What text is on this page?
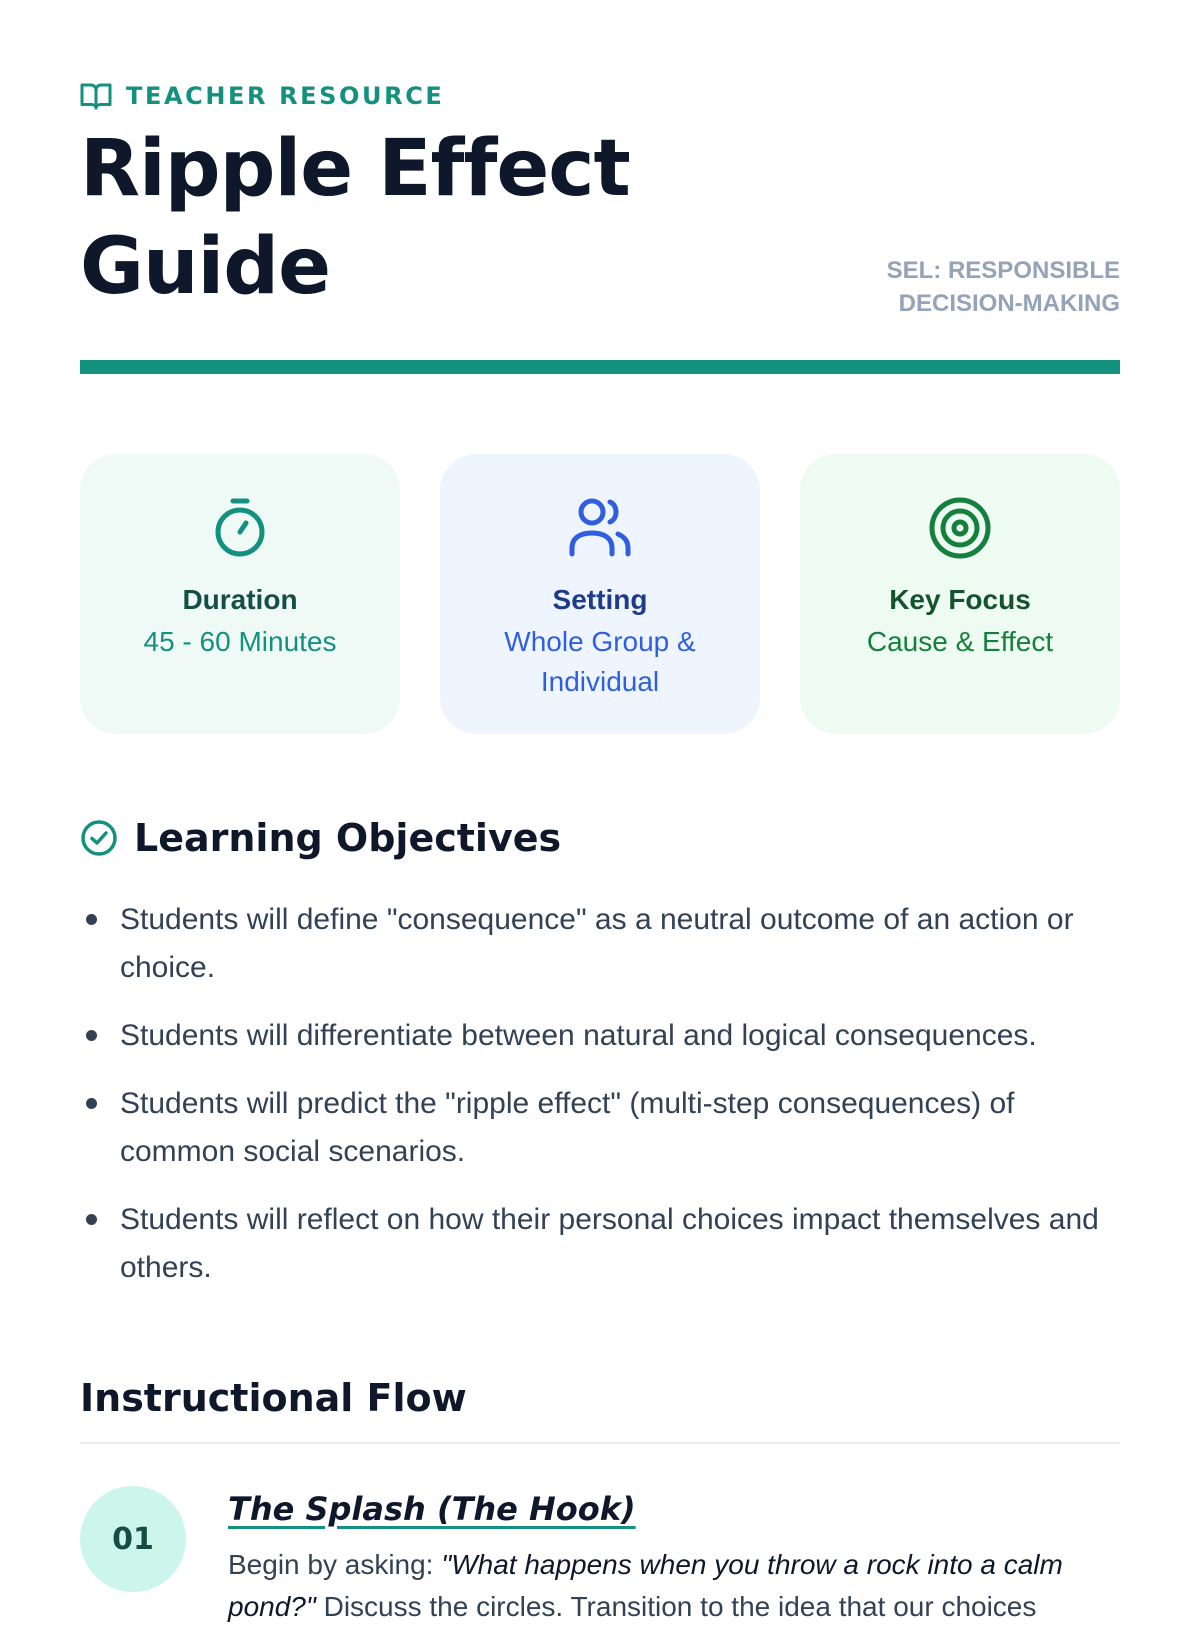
TEACHER RESOURCE
Ripple Effect Guide	SEL: RESPONSIBLE DECISION-MAKING
Duration
45 - 60 Minutes
Setting
Whole Group & Individual
Key Focus
Cause & Effect
Learning Objectives
Students will define "consequence" as a neutral outcome of an action or choice.
Students will differentiate between natural and logical consequences.
Students will predict the "ripple effect" (multi-step consequences) of common social scenarios.
Students will reflect on how their personal choices impact themselves and others.
Instructional Flow
01
The Splash (The Hook)
Begin by asking: "What happens when you throw a rock into a calm pond?" Discuss the circles. Transition to the idea that our choices
